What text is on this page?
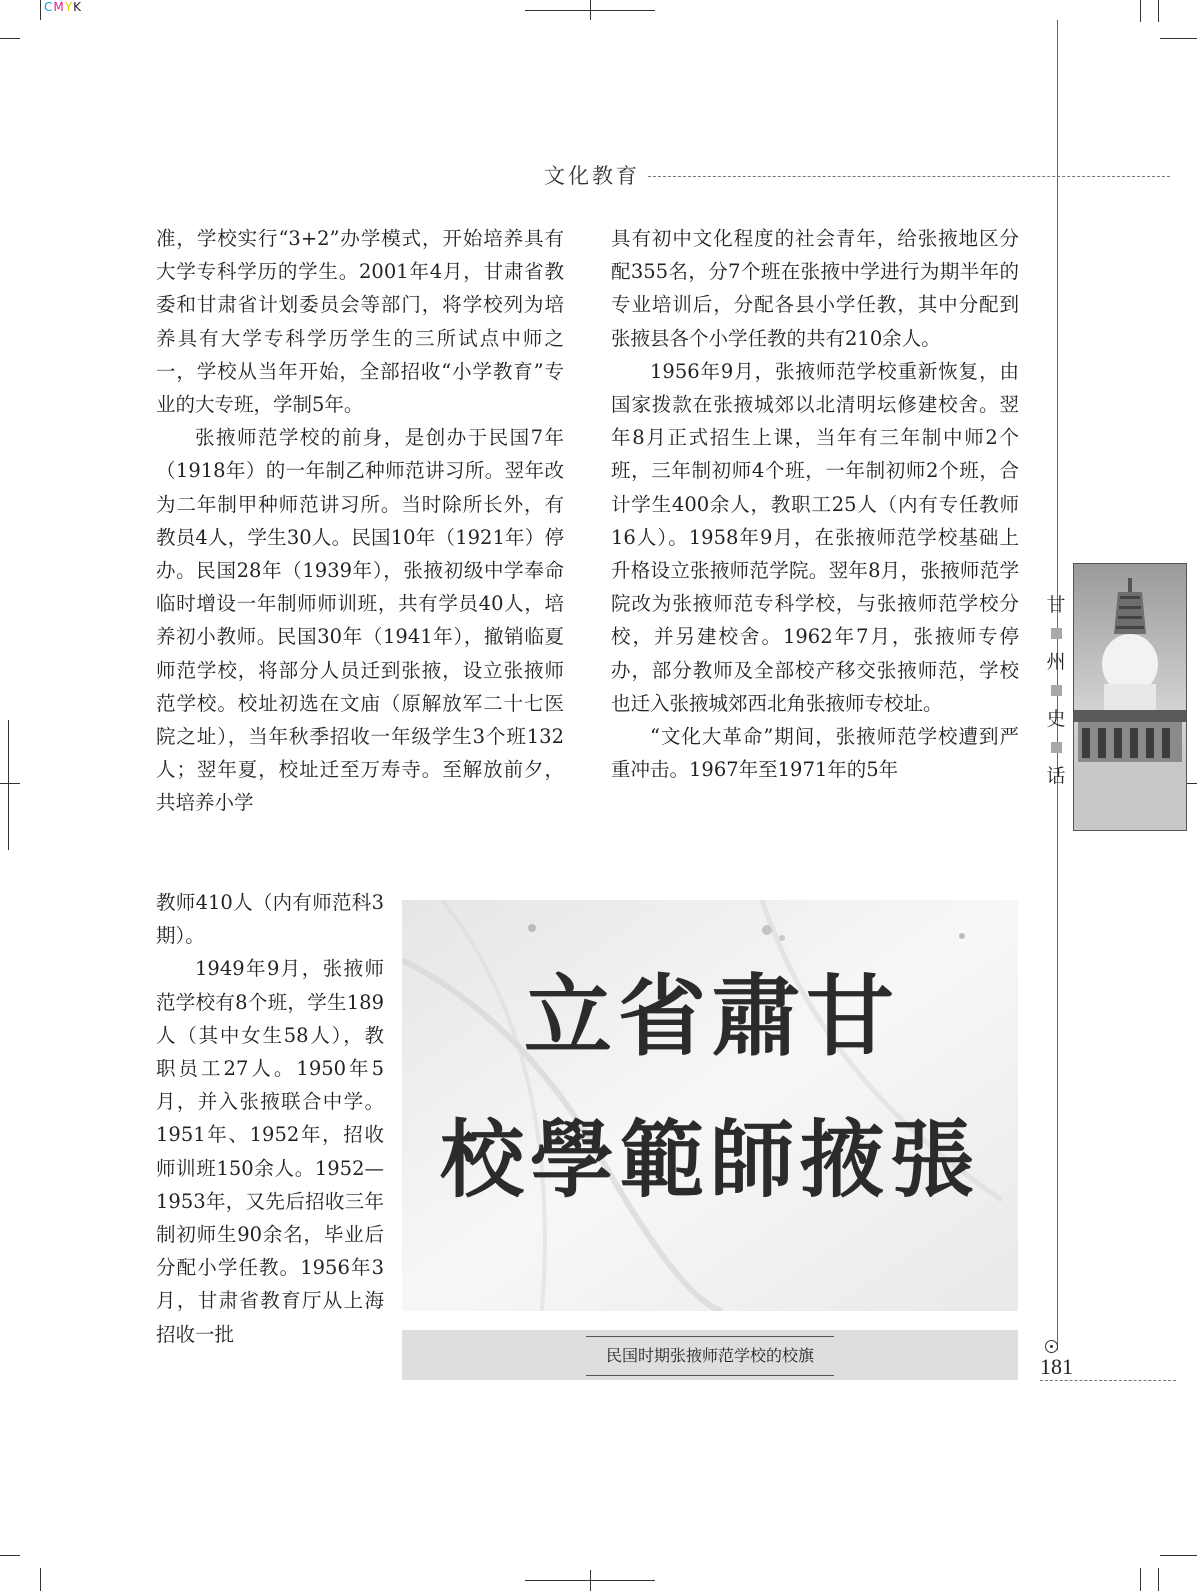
CMYK
文化教育

准，学校实行“3+2”办学模式，开始培养具有大学专科学历的学生。2001年4月，甘肃省教委和甘肃省计划委员会等部门，将学校列为培养具有大学专科学历学生的三所试点中师之一，学校从当年开始，全部招收“小学教育”专业的大专班，学制5年。

张掖师范学校的前身，是创办于民国7年（1918年）的一年制乙种师范讲习所。翌年改为二年制甲种师范讲习所。当时除所长外，有教员4人，学生30人。民国10年（1921年）停办。民国28年（1939年），张掖初级中学奉命临时增设一年制师师训班，共有学员40人，培养初小教师。民国30年（1941年），撤销临夏师范学校，将部分人员迁到张掖，设立张掖师范学校。校址初选在文庙（原解放军二十七医院之址），当年秋季招收一年级学生3个班132人；翌年夏，校址迁至万寿寺。至解放前夕，共培养小学

教师410人（内有师范科3期）。

1949年9月，张掖师范学校有8个班，学生189人（其中女生58人），教职员工27人。1950年5月，并入张掖联合中学。1951年、1952年，招收师训班150余人。1952—1953年，又先后招收三年制初师生90余名，毕业后分配小学任教。1956年3月，甘肃省教育厅从上海招收一批

具有初中文化程度的社会青年，给张掖地区分配355名，分7个班在张掖中学进行为期半年的专业培训后，分配各县小学任教，其中分配到张掖县各个小学任教的共有210余人。

1956年9月，张掖师范学校重新恢复，由国家拨款在张掖城郊以北清明坛修建校舍。翌年8月正式招生上课，当年有三年制中师2个班，三年制初师4个班，一年制初师2个班，合计学生400余人，教职工25人（内有专任教师16人）。1958年9月，在张掖师范学校基础上升格设立张掖师范学院。翌年8月，张掖师范学院改为张掖师范专科学校，与张掖师范学校分校，并另建校舍。1962年7月，张掖师专停办，部分教师及全部校产移交张掖师范，学校也迁入张掖城郊西北角张掖师专校址。

“文化大革命”期间，张掖师范学校遭到严重冲击。1967年至1971年的5年

立省肅甘
校學範師掖張
民国时期张掖师范学校的校旗
甘
州
史
话
181
